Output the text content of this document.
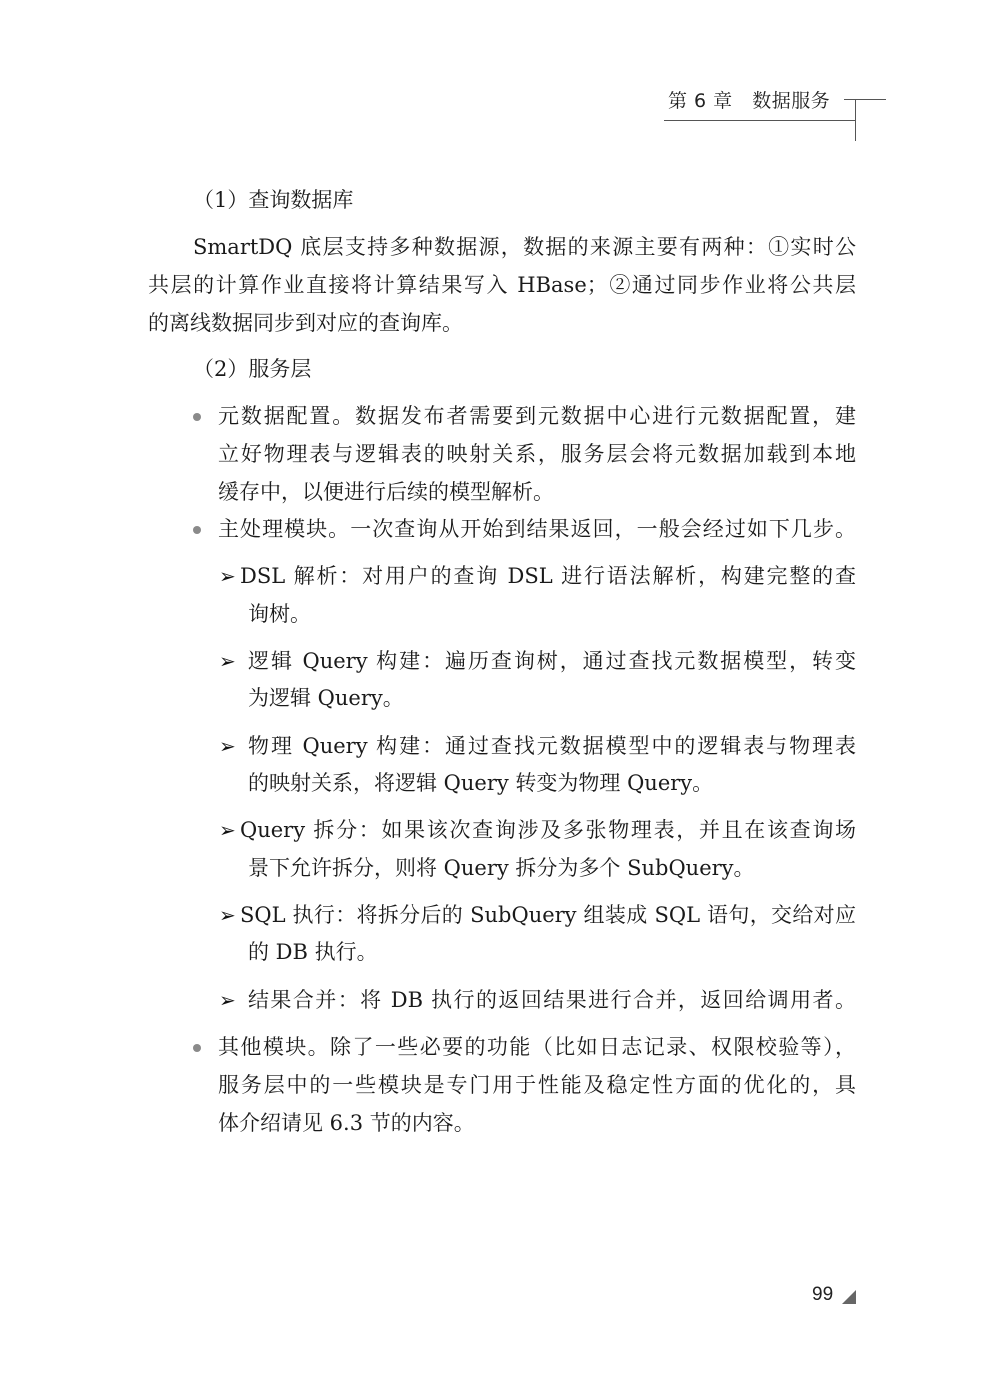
第 6 章 数据服务
（1）查询数据库
SmartDQ 底层支持多种数据源，数据的来源主要有两种：①实时公
共层的计算作业直接将计算结果写入 HBase；②通过同步作业将公共层
的离线数据同步到对应的查询库。
（2）服务层
元数据配置。数据发布者需要到元数据中心进行元数据配置，建
立好物理表与逻辑表的映射关系，服务层会将元数据加载到本地
缓存中，以便进行后续的模型解析。
主处理模块。一次查询从开始到结果返回，一般会经过如下几步。
➢ DSL 解析：对用户的查询 DSL 进行语法解析，构建完整的查
询树。
➢ 逻辑 Query 构建：遍历查询树，通过查找元数据模型，转变
为逻辑 Query。
➢ 物理 Query 构建：通过查找元数据模型中的逻辑表与物理表
的映射关系，将逻辑 Query 转变为物理 Query。
➢ Query 拆分：如果该次查询涉及多张物理表，并且在该查询场
景下允许拆分，则将 Query 拆分为多个 SubQuery。
➢ SQL 执行：将拆分后的 SubQuery 组装成 SQL 语句，交给对应
的 DB 执行。
➢ 结果合并：将 DB 执行的返回结果进行合并，返回给调用者。
其他模块。除了一些必要的功能（比如日志记录、权限校验等），
服务层中的一些模块是专门用于性能及稳定性方面的优化的，具
体介绍请见 6.3 节的内容。
99
